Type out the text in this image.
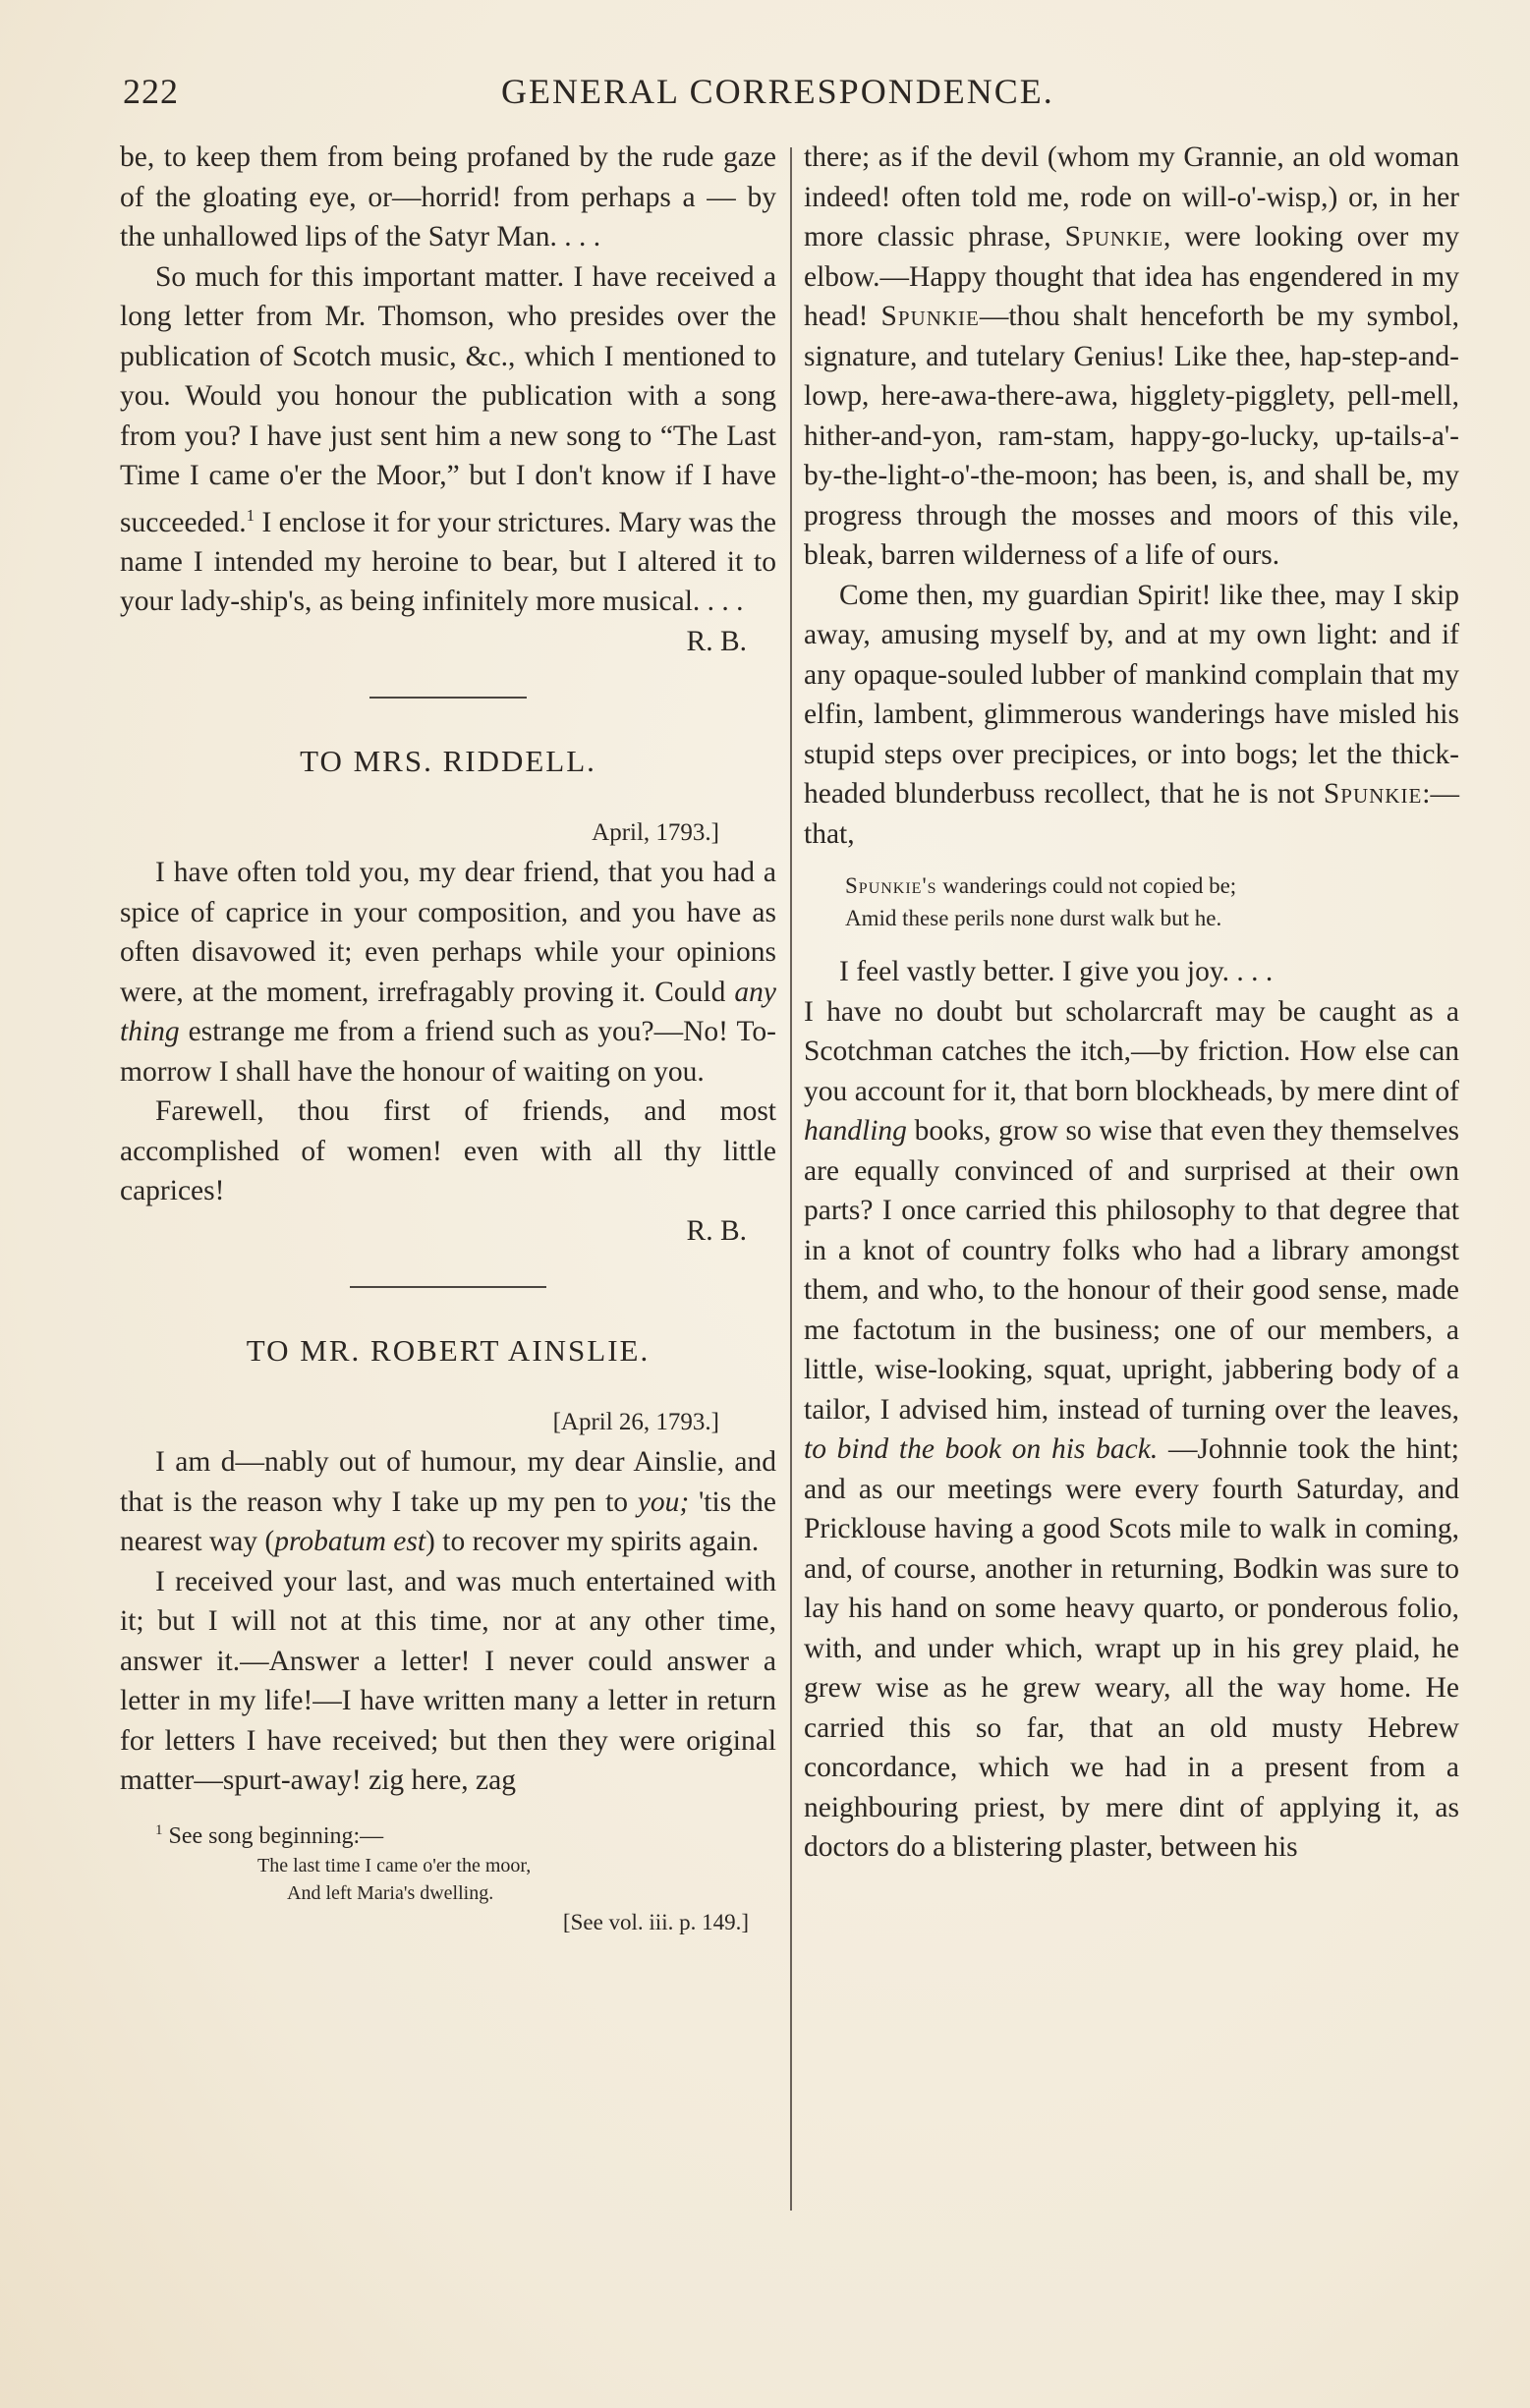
222	GENERAL CORRESPONDENCE.

be, to keep them from being profaned by the rude gaze of the gloating eye, or—horrid! from perhaps a — by the unhallowed lips of the Satyr Man. . . .

So much for this important matter. I have received a long letter from Mr. Thomson, who presides over the publication of Scotch music, &c., which I mentioned to you. Would you honour the publication with a song from you? I have just sent him a new song to “The Last Time I came o'er the Moor,” but I don't know if I have succeeded.$^1$ I enclose it for your strictures. Mary was the name I intended my heroine to bear, but I altered it to your lady-ship's, as being infinitely more musical. . . .

R. B.

TO MRS. RIDDELL.

April, 1793.]

I have often told you, my dear friend, that you had a spice of caprice in your composition, and you have as often disavowed it; even perhaps while your opinions were, at the moment, irrefragably proving it. Could any thing estrange me from a friend such as you?—No! To-morrow I shall have the honour of waiting on you.

Farewell, thou first of friends, and most accomplished of women! even with all thy little caprices!

R. B.

TO MR. ROBERT AINSLIE.

[April 26, 1793.]

I am d—nably out of humour, my dear Ainslie, and that is the reason why I take up my pen to you; 'tis the nearest way (probatum est) to recover my spirits again.

I received your last, and was much entertained with it; but I will not at this time, nor at any other time, answer it.—Answer a letter! I never could answer a letter in my life!—I have written many a letter in return for letters I have received; but then they were original matter—spurt-away! zig here, zag

$^1$ See song beginning:—

The last time I came o'er the moor,

And left Maria's dwelling.

[See vol. iii. p. 149.]

there; as if the devil (whom my Grannie, an old woman indeed! often told me, rode on will-o'-wisp,) or, in her more classic phrase, Spunkie, were looking over my elbow.—Happy thought that idea has engendered in my head! Spunkie—thou shalt henceforth be my symbol, signature, and tutelary Genius! Like thee, hap-step-and-lowp, here-awa-there-awa, higglety-pigglety, pell-mell, hither-and-yon, ram-stam, happy-go-lucky, up-tails-a'-by-the-light-o'-the-moon; has been, is, and shall be, my progress through the mosses and moors of this vile, bleak, barren wilderness of a life of ours.

Come then, my guardian Spirit! like thee, may I skip away, amusing myself by, and at my own light: and if any opaque-souled lubber of mankind complain that my elfin, lambent, glimmerous wanderings have misled his stupid steps over precipices, or into bogs; let the thick-headed blunderbuss recollect, that he is not Spunkie:—that,

Spunkie's wanderings could not copied be;

Amid these perils none durst walk but he.

I feel vastly better. I give you joy. . . .

I have no doubt but scholarcraft may be caught as a Scotchman catches the itch,—by friction. How else can you account for it, that born blockheads, by mere dint of handling books, grow so wise that even they themselves are equally convinced of and surprised at their own parts? I once carried this philosophy to that degree that in a knot of country folks who had a library amongst them, and who, to the honour of their good sense, made me factotum in the business; one of our members, a little, wise-looking, squat, upright, jabbering body of a tailor, I advised him, instead of turning over the leaves, to bind the book on his back. —Johnnie took the hint; and as our meetings were every fourth Saturday, and Pricklouse having a good Scots mile to walk in coming, and, of course, another in returning, Bodkin was sure to lay his hand on some heavy quarto, or ponderous folio, with, and under which, wrapt up in his grey plaid, he grew wise as he grew weary, all the way home. He carried this so far, that an old musty Hebrew concordance, which we had in a present from a neighbouring priest, by mere dint of applying it, as doctors do a blistering plaster, between his
